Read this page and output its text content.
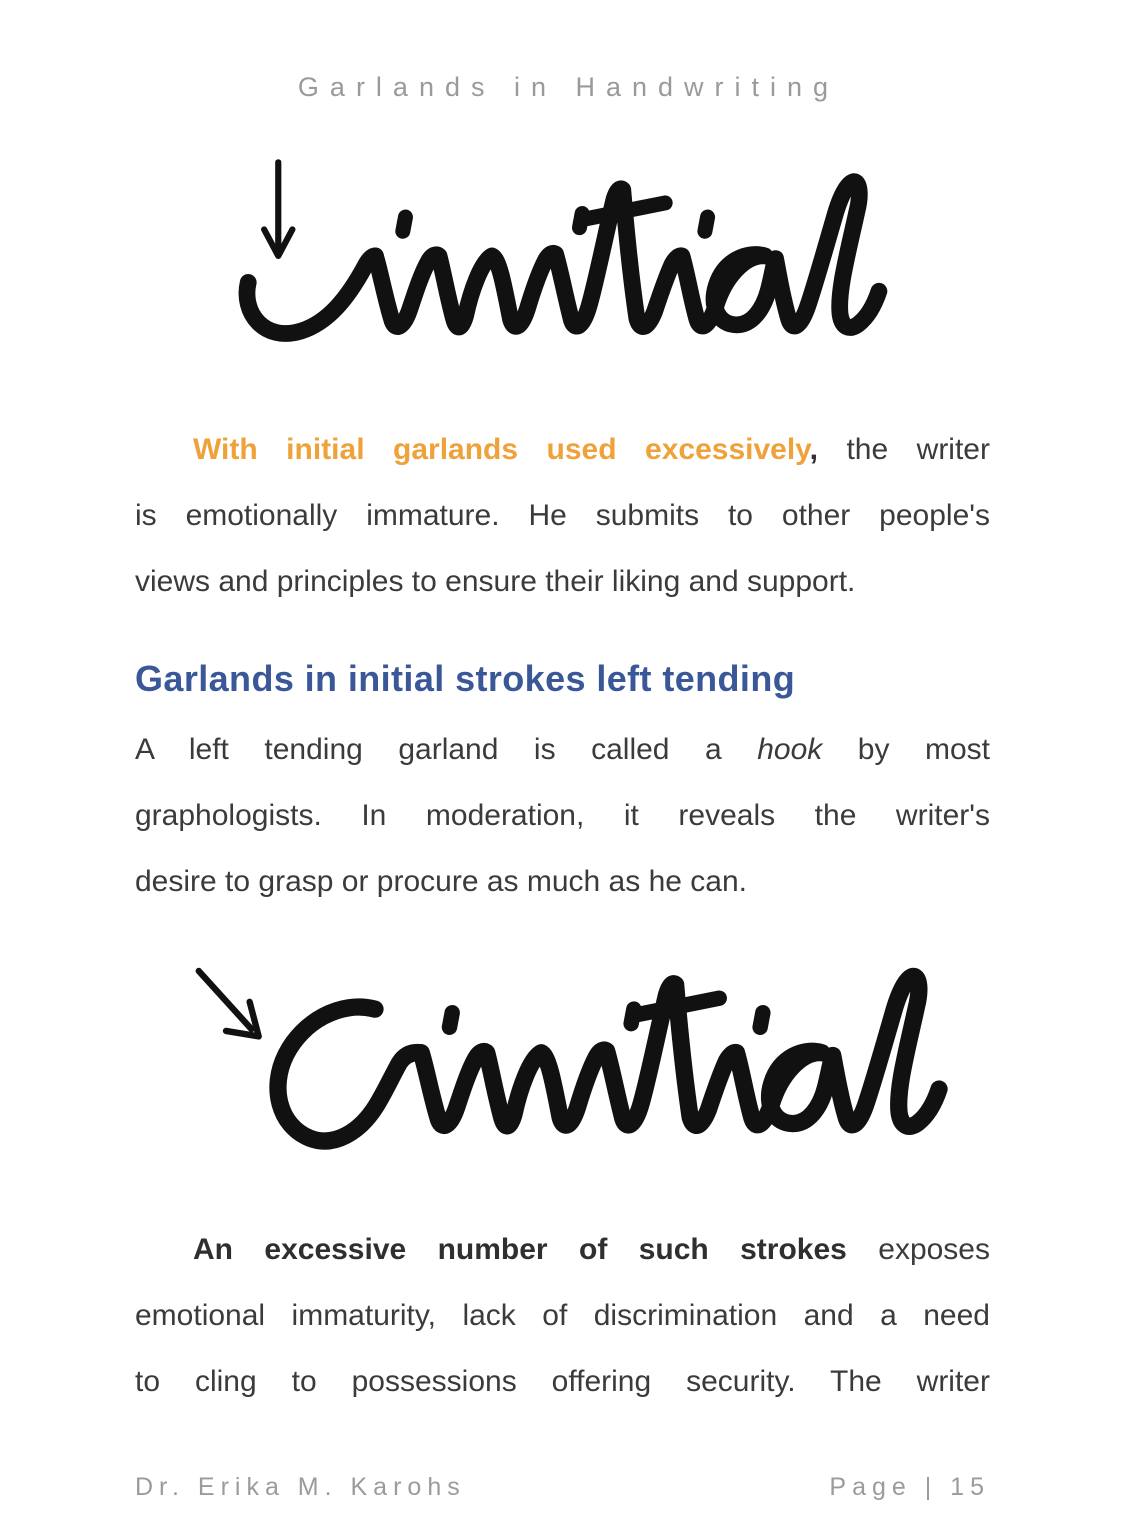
Garlands in Handwriting
With initial garlands used excessively, the writer
is emotionally immature. He submits to other people's
views and principles to ensure their liking and support.
Garlands in initial strokes left tending
A left tending garland is called a hook by most
graphologists. In moderation, it reveals the writer's
desire to grasp or procure as much as he can.
An excessive number of such strokes exposes
emotional immaturity, lack of discrimination and a need
to cling to possessions offering security. The writer
Dr. Erika M. Karohs	Page | 15
